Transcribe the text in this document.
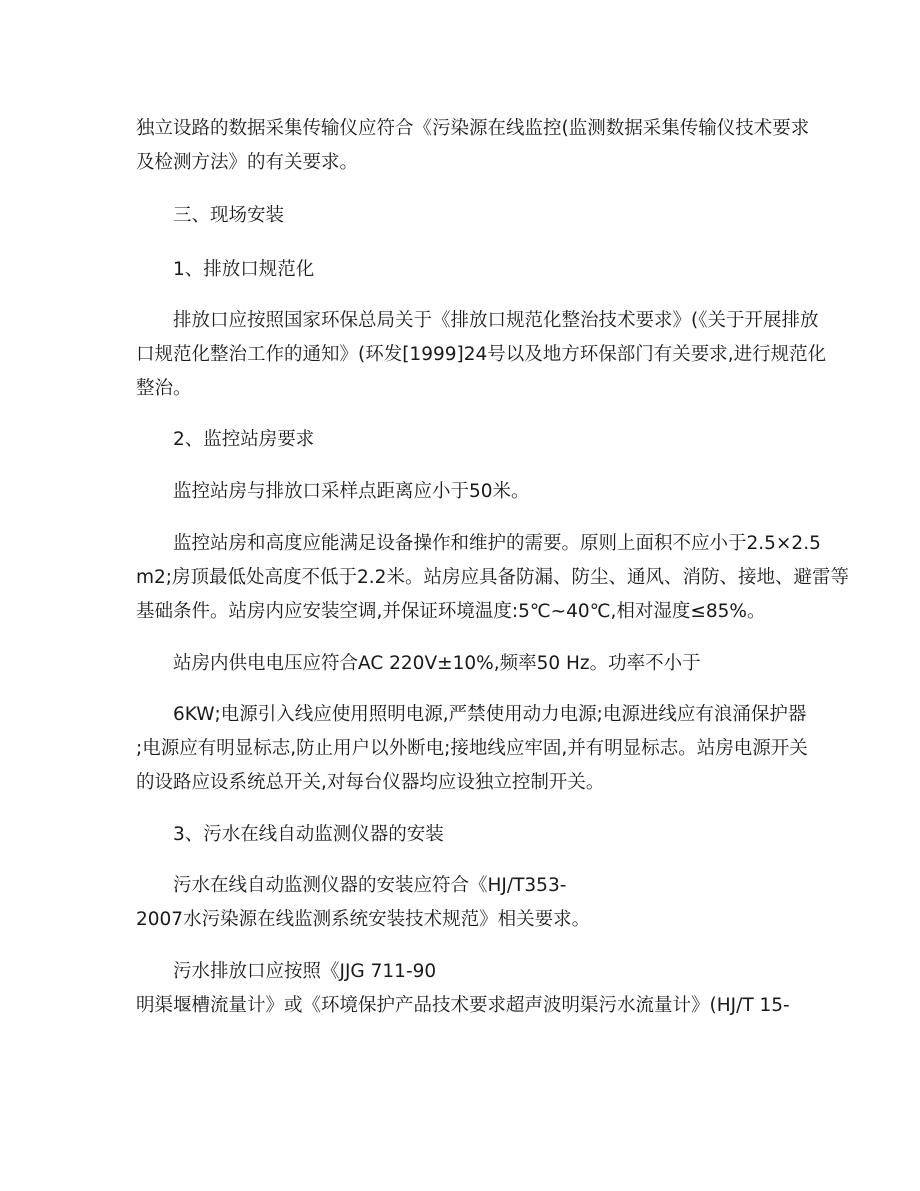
独立设路的数据采集传输仪应符合《污染源在线监控(监测数据采集传输仪技术要求
及检测方法》的有关要求。
三、现场安装
1、排放口规范化
排放口应按照国家环保总局关于《排放口规范化整治技术要求》(《关于开展排放
口规范化整治工作的通知》(环发[1999]24号以及地方环保部门有关要求,进行规范化
整治。
2、监控站房要求
监控站房与排放口采样点距离应小于50米。
监控站房和高度应能满足设备操作和维护的需要。原则上面积不应小于2.5×2.5
m2;房顶最低处高度不低于2.2米。站房应具备防漏、防尘、通风、消防、接地、避雷等
基础条件。站房内应安装空调,并保证环境温度:5℃~40℃,相对湿度≤85%。
站房内供电电压应符合AC 220V±10%,频率50 Hz。功率不小于
6KW;电源引入线应使用照明电源,严禁使用动力电源;电源进线应有浪涌保护器
;电源应有明显标志,防止用户以外断电;接地线应牢固,并有明显标志。站房电源开关
的设路应设系统总开关,对每台仪器均应设独立控制开关。
3、污水在线自动监测仪器的安装
污水在线自动监测仪器的安装应符合《HJ/T353-
2007水污染源在线监测系统安装技术规范》相关要求。
污水排放口应按照《JJG 711-90
明渠堰槽流量计》或《环境保护产品技术要求超声波明渠污水流量计》(HJ/T 15-
